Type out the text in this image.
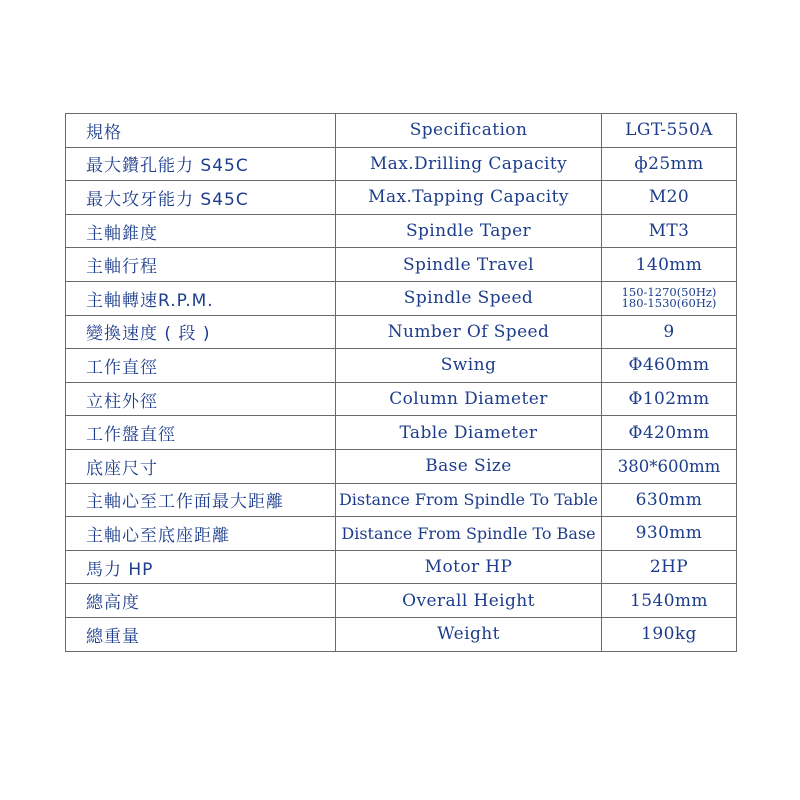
規格	Specification	LGT-550A
最大鑽孔能力 S45C	Max.Drilling Capacity	ф25mm
最大攻牙能力 S45C	Max.Tapping Capacity	M20
主軸錐度	Spindle Taper	MT3
主軸行程	Spindle Travel	140mm
主軸轉速R.P.M.	Spindle Speed	150-1270(50Hz)
180-1530(60Hz)

變換速度 ( 段 )	Number Of Speed	9
工作直徑	Swing	Φ460mm
立柱外徑	Column Diameter	Φ102mm
工作盤直徑	Table Diameter	Φ420mm
底座尺寸	Base Size	380*600mm
主軸心至工作面最大距離	Distance From Spindle To Table	630mm
主軸心至底座距離	Distance From Spindle To Base	930mm
馬力 HP	Motor HP	2HP
總高度	Overall Height	1540mm
總重量	Weight	190kg
